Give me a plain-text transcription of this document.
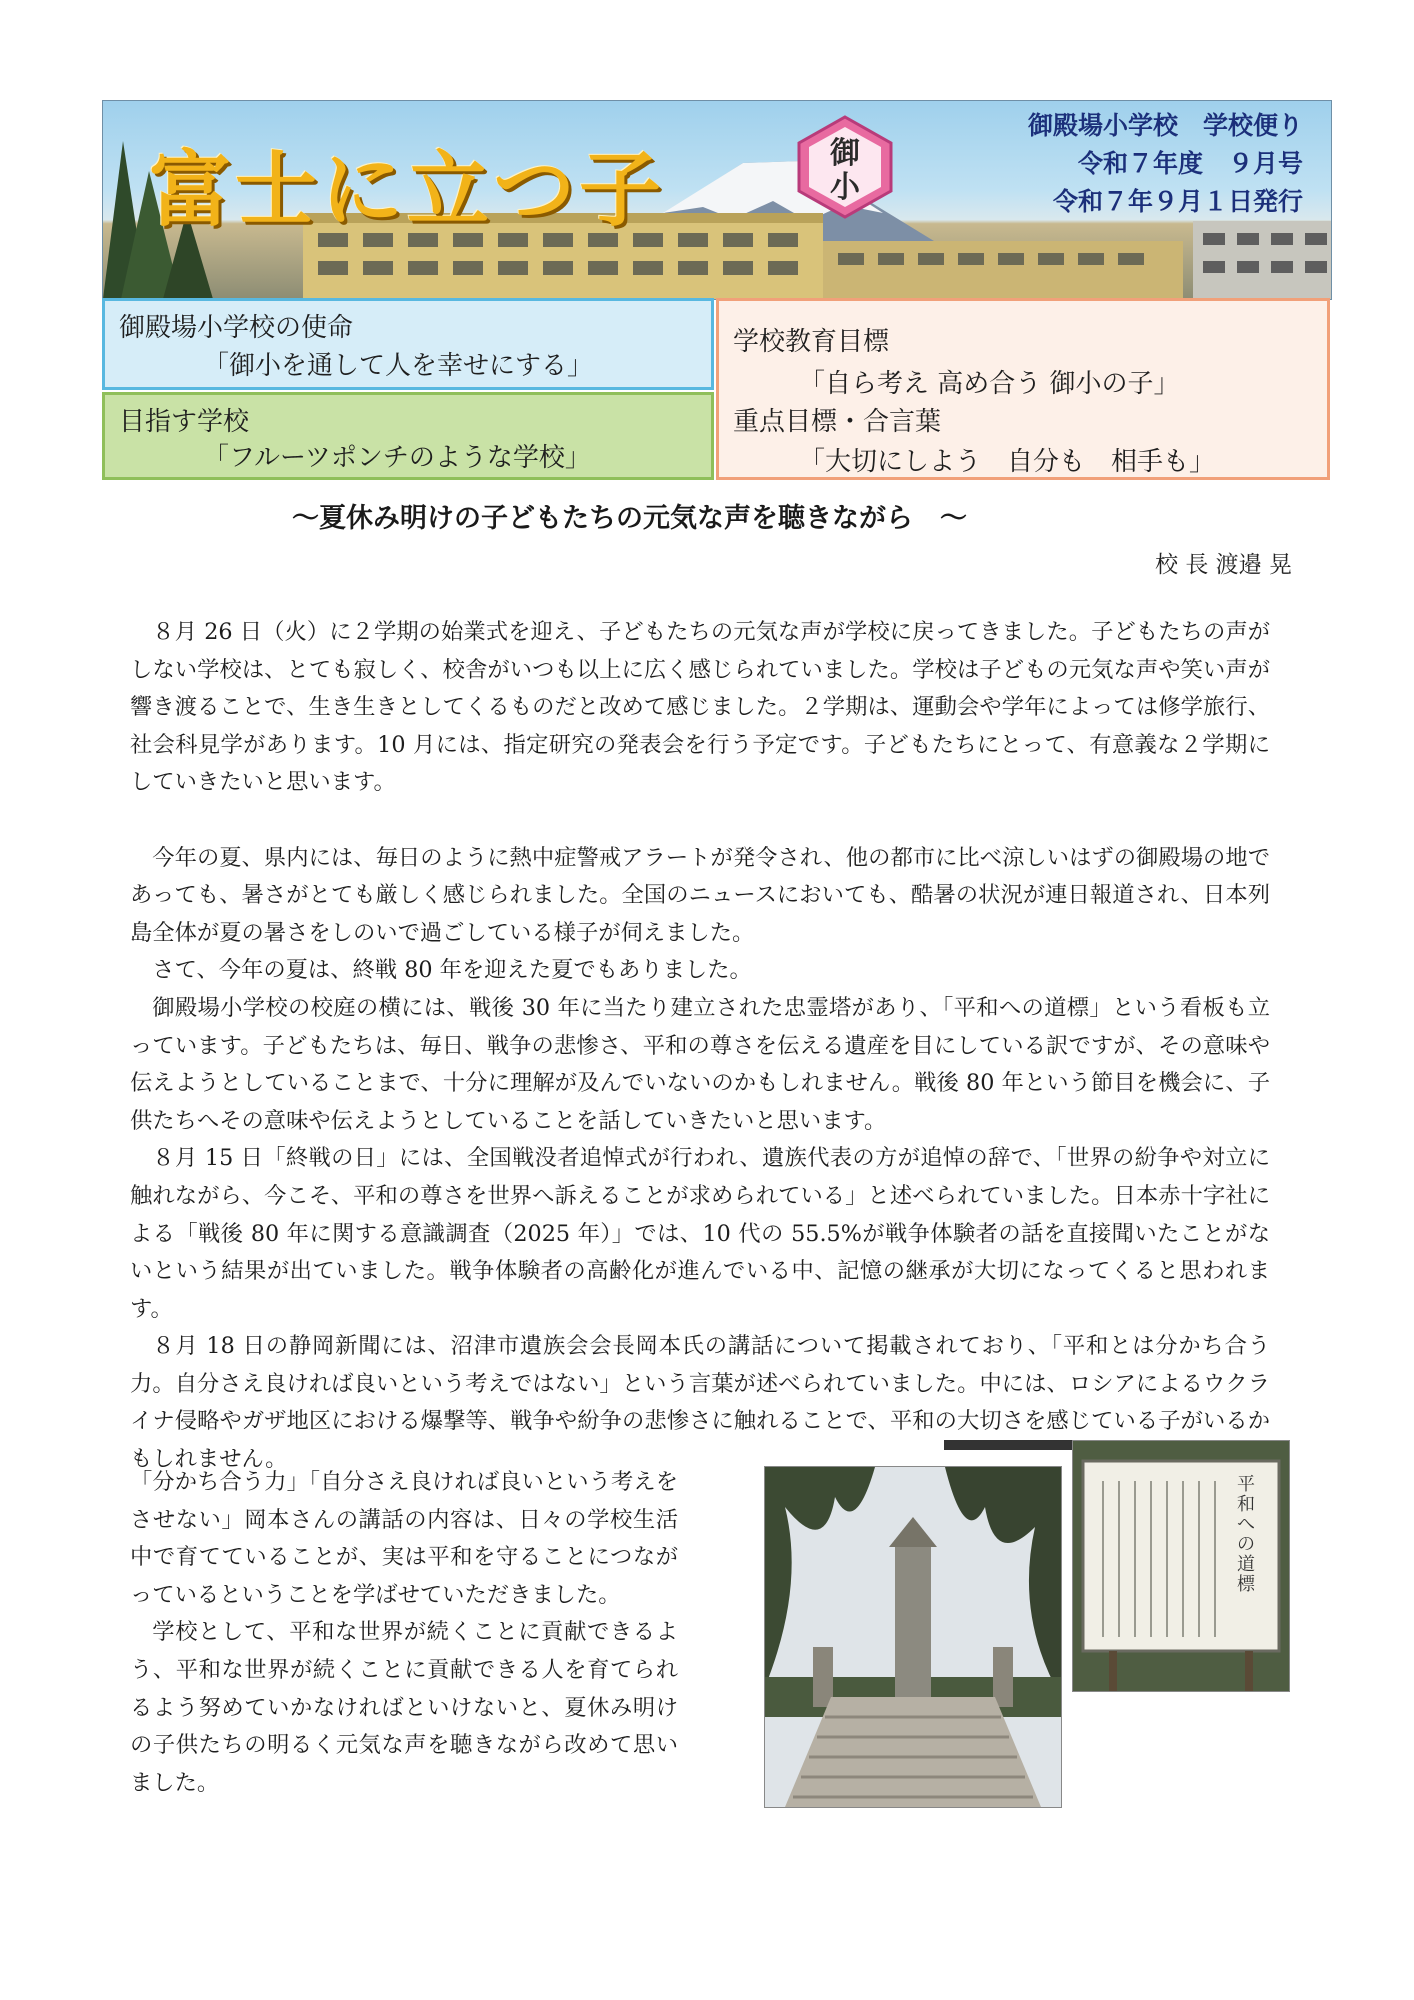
富士に立つ子	御
小
御殿場小学校　学校便り
令和７年度　９月号
令和７年９月１日発行
御殿場小学校の使命
「御小を通して人を幸せにする」
目指す学校
「フルーツポンチのような学校」
学校教育目標
「自ら考え 高め合う 御小の子」
重点目標・合言葉
「大切にしよう　自分も　相手も」
～夏休み明けの子どもたちの元気な声を聴きながら　～
校 長 渡邉 晃

８月 26 日（火）に２学期の始業式を迎え、子どもたちの元気な声が学校に戻ってきました。子どもたちの声がしない学校は、とても寂しく、校舎がいつも以上に広く感じられていました。学校は子どもの元気な声や笑い声が響き渡ることで、生き生きとしてくるものだと改めて感じました。２学期は、運動会や学年によっては修学旅行、社会科見学があります。10 月には、指定研究の発表会を行う予定です。子どもたちにとって、有意義な２学期にしていきたいと思います。

今年の夏、県内には、毎日のように熱中症警戒アラートが発令され、他の都市に比べ涼しいはずの御殿場の地であっても、暑さがとても厳しく感じられました。全国のニュースにおいても、酷暑の状況が連日報道され、日本列島全体が夏の暑さをしのいで過ごしている様子が伺えました。

さて、今年の夏は、終戦 80 年を迎えた夏でもありました。

御殿場小学校の校庭の横には、戦後 30 年に当たり建立された忠霊塔があり、「平和への道標」という看板も立っています。子どもたちは、毎日、戦争の悲惨さ、平和の尊さを伝える遺産を目にしている訳ですが、その意味や伝えようとしていることまで、十分に理解が及んでいないのかもしれません。戦後 80 年という節目を機会に、子供たちへその意味や伝えようとしていることを話していきたいと思います。

８月 15 日「終戦の日」には、全国戦没者追悼式が行われ、遺族代表の方が追悼の辞で、「世界の紛争や対立に触れながら、今こそ、平和の尊さを世界へ訴えることが求められている」と述べられていました。日本赤十字社による「戦後 80 年に関する意識調査（2025 年）」では、10 代の 55.5%が戦争体験者の話を直接聞いたことがないという結果が出ていました。戦争体験者の高齢化が進んでいる中、記憶の継承が大切になってくると思われます。

８月 18 日の静岡新聞には、沼津市遺族会会長岡本氏の講話について掲載されており、「平和とは分かち合う力。自分さえ良ければ良いという考えではない」という言葉が述べられていました。中には、ロシアによるウクライナ侵略やガザ地区における爆撃等、戦争や紛争の悲惨さに触れることで、平和の大切さを感じている子がいるかもしれません。

「分かち合う力」「自分さえ良ければ良いという考えをさせない」岡本さんの講話の内容は、日々の学校生活中で育てていることが、実は平和を守ることにつながっているということを学ばせていただきました。

学校として、平和な世界が続くことに貢献できるよう、平和な世界が続くことに貢献できる人を育てられるよう努めていかなければといけないと、夏休み明けの子供たちの明るく元気な声を聴きながら改めて思いました。

平和への道標
